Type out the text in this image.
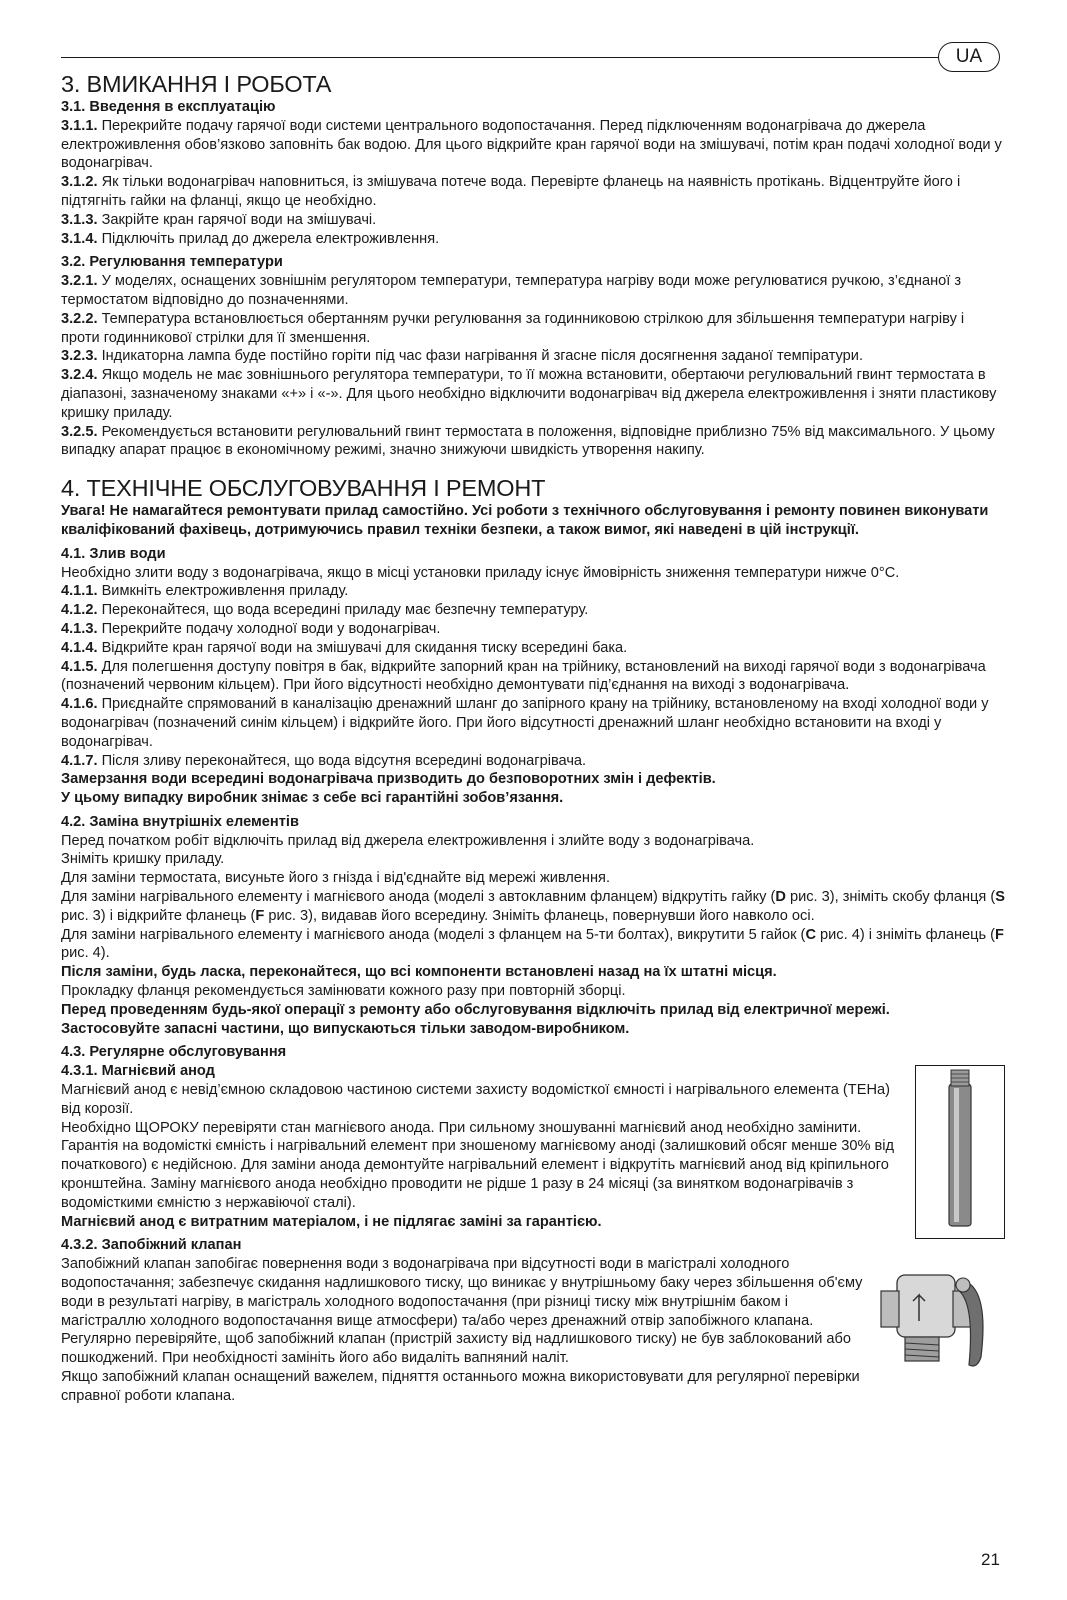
UA

3. ВМИКАННЯ І РОБОТА

3.1. Введення в експлуатацію

3.1.1. Перекрийте подачу гарячої води системи центрального водопостачання. Перед підключенням водонагрівача до джерела електроживлення обов’язково заповніть бак водою. Для цього відкрийте кран гарячої води на змішувачі, потім кран подачі холодної води у водонагрівач.

3.1.2. Як тільки водонагрівач наповниться, із змішувача потече вода. Перевірте фланець на наявність протікань. Відцентруйте його і підтягніть гайки на фланці, якщо це необхідно.

3.1.3. Закрійте кран гарячої води на змішувачі.

3.1.4. Підключіть прилад до джерела електроживлення.

3.2. Регулювання температури

3.2.1. У моделях, оснащених зовнішнім регулятором температури, температура нагріву води може регулюватися ручкою, з’єднаної з термостатом відповідно до позначеннями.

3.2.2. Температура встановлюється обертанням ручки регулювання за годинниковою стрілкою для збільшення температури нагріву і проти годинникової стрілки для її зменшення.

3.2.3. Індикаторна лампа буде постійно горіти під час фази нагрівання й згасне після досягнення заданої темпіратури.

3.2.4. Якщо модель не має зовнішнього регулятора температури, то її можна встановити, обертаючи регулювальний гвинт термостата в діапазоні, зазначеному знаками «+» і «-». Для цього необхідно відключити водонагрівач від джерела електроживлення і зняти пластикову кришку приладу.

3.2.5. Рекомендується встановити регулювальний гвинт термостата в положення, відповідне приблизно 75% від максимального. У цьому випадку апарат працює в економічному режимі, значно знижуючи швидкість утворення накипу.

4. ТЕХНІЧНЕ ОБСЛУГОВУВАННЯ І РЕМОНТ

Увага! Не намагайтеся ремонтувати прилад самостійно. Усі роботи з технічного обслуговування і ремонту повинен виконувати кваліфікований фахівець, дотримуючись правил техніки безпеки, а також вимог, які наведені в цій інструкції.

4.1. Злив води

Необхідно злити воду з водонагрівача, якщо в місці установки приладу існує ймовірність зниження температури нижче 0°C.

4.1.1. Вимкніть електроживлення приладу.

4.1.2. Переконайтеся, що вода всередині приладу має безпечну температуру.

4.1.3. Перекрийте подачу холодної води у водонагрівач.

4.1.4. Відкрийте кран гарячої води на змішувачі для скидання тиску всередині бака.

4.1.5. Для полегшення доступу повітря в бак, відкрийте запорний кран на трійнику, встановлений на виході гарячої води з водонагрівача (позначений червоним кільцем). При його відсутності необхідно демонтувати під’єднання на виході з водонагрівача.

4.1.6. Приєднайте спрямований в каналізацію дренажний шланг до запірного крану на трійнику, встановленому на вході холодної води у водонагрівач (позначений синім кільцем) і відкрийте його. При його відсутності дренажний шланг необхідно встановити на вході у водонагрівач.

4.1.7. Після зливу переконайтеся, що вода відсутня всередині водонагрівача.

Замерзання води всередині водонагрівача призводить до безповоротних змін і дефектів.

У цьому випадку виробник знімає з себе всі гарантійні зобов’язання.

4.2. Заміна внутрішніх елементів

Перед початком робіт відключіть прилад від джерела електроживлення і злийте воду з водонагрівача.

Зніміть кришку приладу.

Для заміни термостата, висуньте його з гнізда і від'єднайте від мережі живлення.

Для заміни нагрівального елементу і магнієвого анода (моделі з автоклавним фланцем) відкрутіть гайку (D рис. 3), зніміть скобу фланця (S рис. 3) і відкрийте фланець (F рис. 3), видавав його всередину. Зніміть фланець, повернувши його навколо осі.

Для заміни нагрівального елементу і магнієвого анода (моделі з фланцем на 5-ти болтах), викрутити 5 гайок (C рис. 4) і зніміть фланець (F рис. 4).

Після заміни, будь ласка, переконайтеся, що всі компоненти встановлені назад на їх штатні місця.

Прокладку фланця рекомендується замінювати кожного разу при повторній зборці.

Перед проведенням будь-якої операції з ремонту або обслуговування відключіть прилад від електричної мережі.

Застосовуйте запасні частини, що випускаються тільки заводом-виробником.

4.3. Регулярне обслуговування

4.3.1. Магнієвий анод

Магнієвий анод є невід’ємною складовою частиною системи захисту водомісткої ємності і нагрівального елемента (ТЕНа) від корозії.

Необхідно ЩОРОКУ перевіряти стан магнієвого анода. При сильному зношуванні магнієвий анод необхідно замінити. Гарантія на водомісткі ємність і нагрівальний елемент при зношеному магнієвому аноді (залишковий обсяг менше 30% від початкового) є недійсною. Для заміни анода демонтуйте нагрівальний елемент і відкрутіть магнієвий анод від кріпильного кронштейна. Заміну магнієвого анода необхідно проводити не рідше 1 разу в 24 місяці (за винятком водонагрівачів з водомісткими ємністю з нержавіючої сталі).

Магнієвий анод є витратним матеріалом, і не підлягає заміні за гарантією.

4.3.2. Запобіжний клапан

Запобіжний клапан запобігає повернення води з водонагрівача при відсутності води в магістралі холодного водопостачання; забезпечує скидання надлишкового тиску, що виникає у внутрішньому баку через збільшення об'єму води в результаті нагріву, в магістраль холодного водопостачання (при різниці тиску між внутрішнім баком і магістраллю холодного водопостачання вище атмосфери) та/або через дренажний отвір запобіжного клапана.

Регулярно перевіряйте, щоб запобіжний клапан (пристрій захисту від надлишкового тиску) не був заблокований або пошкоджений. При необхідності замініть його або видаліть вапняний наліт.

Якщо запобіжний клапан оснащений важелем, підняття останнього можна використовувати для регулярної перевірки справної роботи клапана.

21
